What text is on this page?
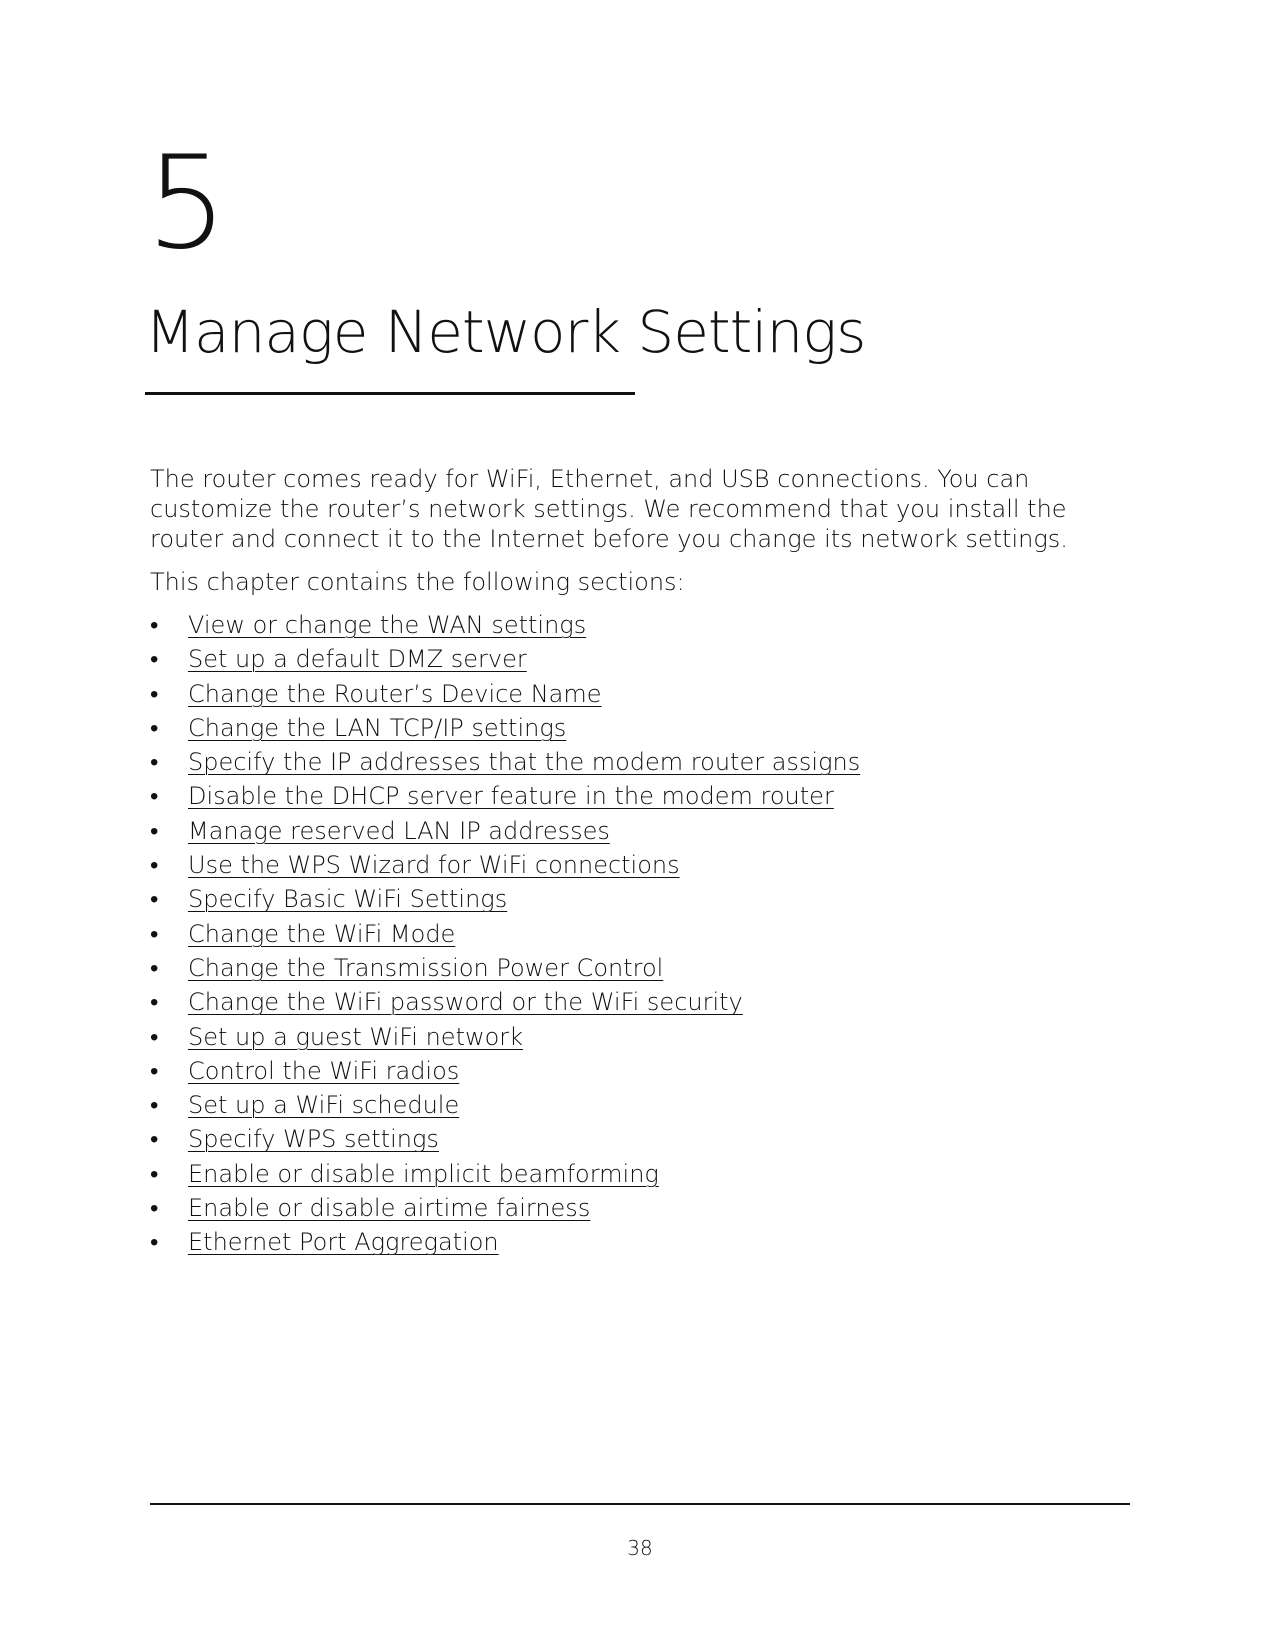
5
Manage Network Settings

The router comes ready for WiFi, Ethernet, and USB connections. You can customize the router’s network settings. We recommend that you install the router and connect it to the Internet before you change its network settings.

This chapter contains the following sections:

• View or change the WAN settings
• Set up a default DMZ server
• Change the Router’s Device Name
• Change the LAN TCP/IP settings
• Specify the IP addresses that the modem router assigns
• Disable the DHCP server feature in the modem router
• Manage reserved LAN IP addresses
• Use the WPS Wizard for WiFi connections
• Specify Basic WiFi Settings
• Change the WiFi Mode
• Change the Transmission Power Control
• Change the WiFi password or the WiFi security
• Set up a guest WiFi network
• Control the WiFi radios
• Set up a WiFi schedule
• Specify WPS settings
• Enable or disable implicit beamforming
• Enable or disable airtime fairness
• Ethernet Port Aggregation
38
